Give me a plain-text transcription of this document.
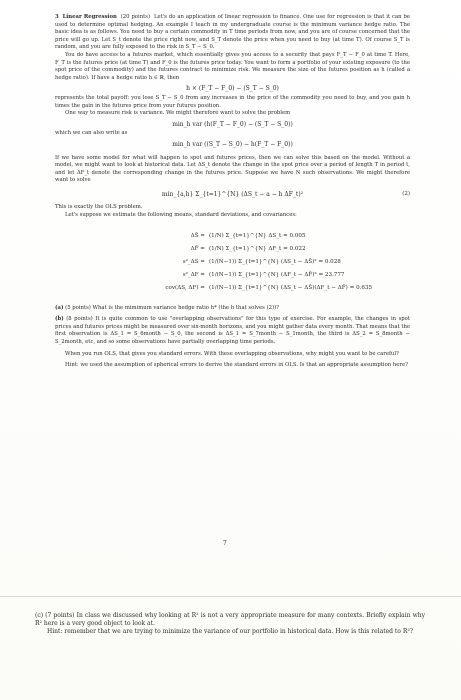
3 Linear Regression (20 points) Let's do an application of linear regression to finance. One use for regression is that it can be used to determine optimal hedging. An example I teach in my undergraduate course is the minimum variance hedge ratio. The basic idea is as follows. You need to buy a certain commodity in T time periods from now, and you are of course concerned that the price will go up. Let S_t denote the price right now, and S_T denote the price when you need to buy (at time T). Of course S_T is random, and you are fully exposed to the risk in S_T − S_0.

You do have access to a futures market, which essentially gives you access to a security that pays F_T − F_0 at time T. Here, F_T is the futures price (at time T) and F_0 is the futures price today. You want to form a portfolio of your existing exposure (to the spot price of the commodity) and the futures contract to minimize risk. We measure the size of the futures position as h (called a hedge ratio). If have a hedge ratio h ∈ ℝ, then

h × (F_T − F_0) − (S_T − S_0)

represents the total payoff: you lose S_T − S_0 from any increases in the price of the commodity you need to buy, and you gain h times the gain in the futures price from your futures position.

One way to measure risk is variance. We might therefore want to solve the problem

min_h var (h(F_T − F_0) − (S_T − S_0))

which we can also write as

min_h var ((S_T − S_0) − h(F_T − F_0))

If we have some model for what will happen to spot and futures prices, then we can solve this based on the model. Without a model, we might want to look at historical data. Let ΔS_t denote the change in the spot price over a period of length T in period t, and let ΔF_t denote the corresponding change in the futures price. Suppose we have N such observations. We might therefore want to solve

min_{a,h} Σ_{t=1}^{N} (ΔS_t − a − h ΔF_t)²	(2)

This is exactly the OLS problem.

Let's suppose we estimate the following means, standard deviations, and covariances:

ΔS̄ = (1/N) Σ_{t=1}^{N} ΔS_t = 0.005
ΔF̄ = (1/N) Σ_{t=1}^{N} ΔF_t = 0.022
s²_ΔS = (1/(N−1)) Σ_{t=1}^{N} (ΔS_t − ΔS̄)² = 0.028
s²_ΔF = (1/(N−1)) Σ_{t=1}^{N} (ΔF_t − ΔF̄)² = 23.777
cov(ΔS, ΔF) = (1/(N−1)) Σ_{t=1}^{N} (ΔS_t − ΔS̄)(ΔF_t − ΔF̄) = 0.635

(a) (5 points) What is the mimimum variance hedge ratio h* (the h that solves (2))?

(b) (8 points) It is quite common to use "overlapping observations" for this type of exercise. For example, the changes in spot prices and futures prices might be measured over six-month horizons, and you might gather data every month. That means that the first observation is ΔS_1 = S_6month − S_0, the second is ΔS_1 = S_7month − S_1month, the third is ΔS_2 = S_8month − S_2month, etc, and so some observations have partially overlapping time periods.

When you run OLS, that gives you standard errors. With these overlapping observations, why might you want to be careful?

Hint: we used the assumption of spherical errors to derive the standard errors in OLS. Is that an appropriate assumption here?

7

(c) (7 points) In class we discussed why looking at R² is not a very appropriate measure for many contexts. Briefly explain why R² here is a very good object to look at.

Hint: remember that we are trying to minimize the variance of our portfolio in historical data. How is this related to R²?
